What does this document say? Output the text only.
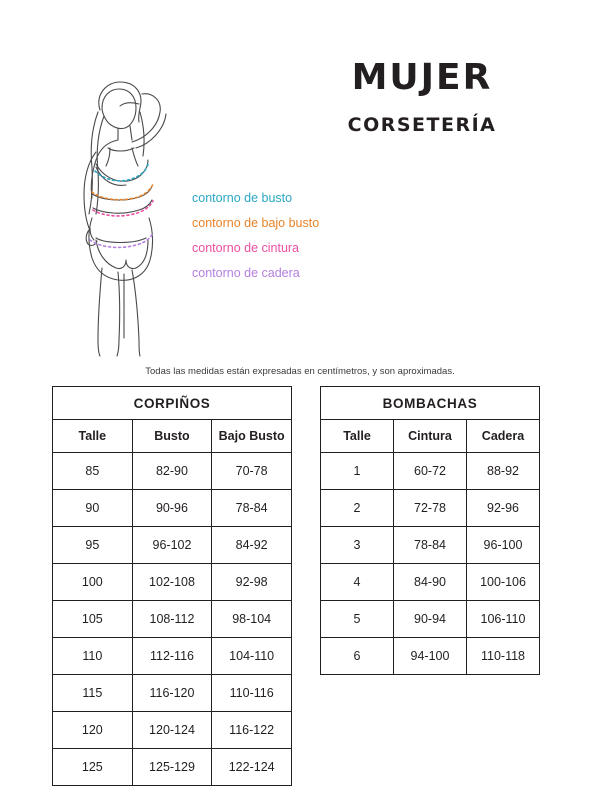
MUJER
CORSETERÍA
contorno de busto
contorno de bajo busto
contorno de cintura
contorno de cadera
Todas las medidas están expresadas en centímetros, y son aproximadas.
CORPIÑOS		
Talle	Busto	Bajo Busto
85	82-90	70-78
90	90-96	78-84
95	96-102	84-92
100	102-108	92-98
105	108-112	98-104
110	112-116	104-110
115	116-120	110-116
120	120-124	116-122
125	125-129	122-124
BOMBACHAS		
Talle	Cintura	Cadera
1	60-72	88-92
2	72-78	92-96
3	78-84	96-100
4	84-90	100-106
5	90-94	106-110
6	94-100	110-118
